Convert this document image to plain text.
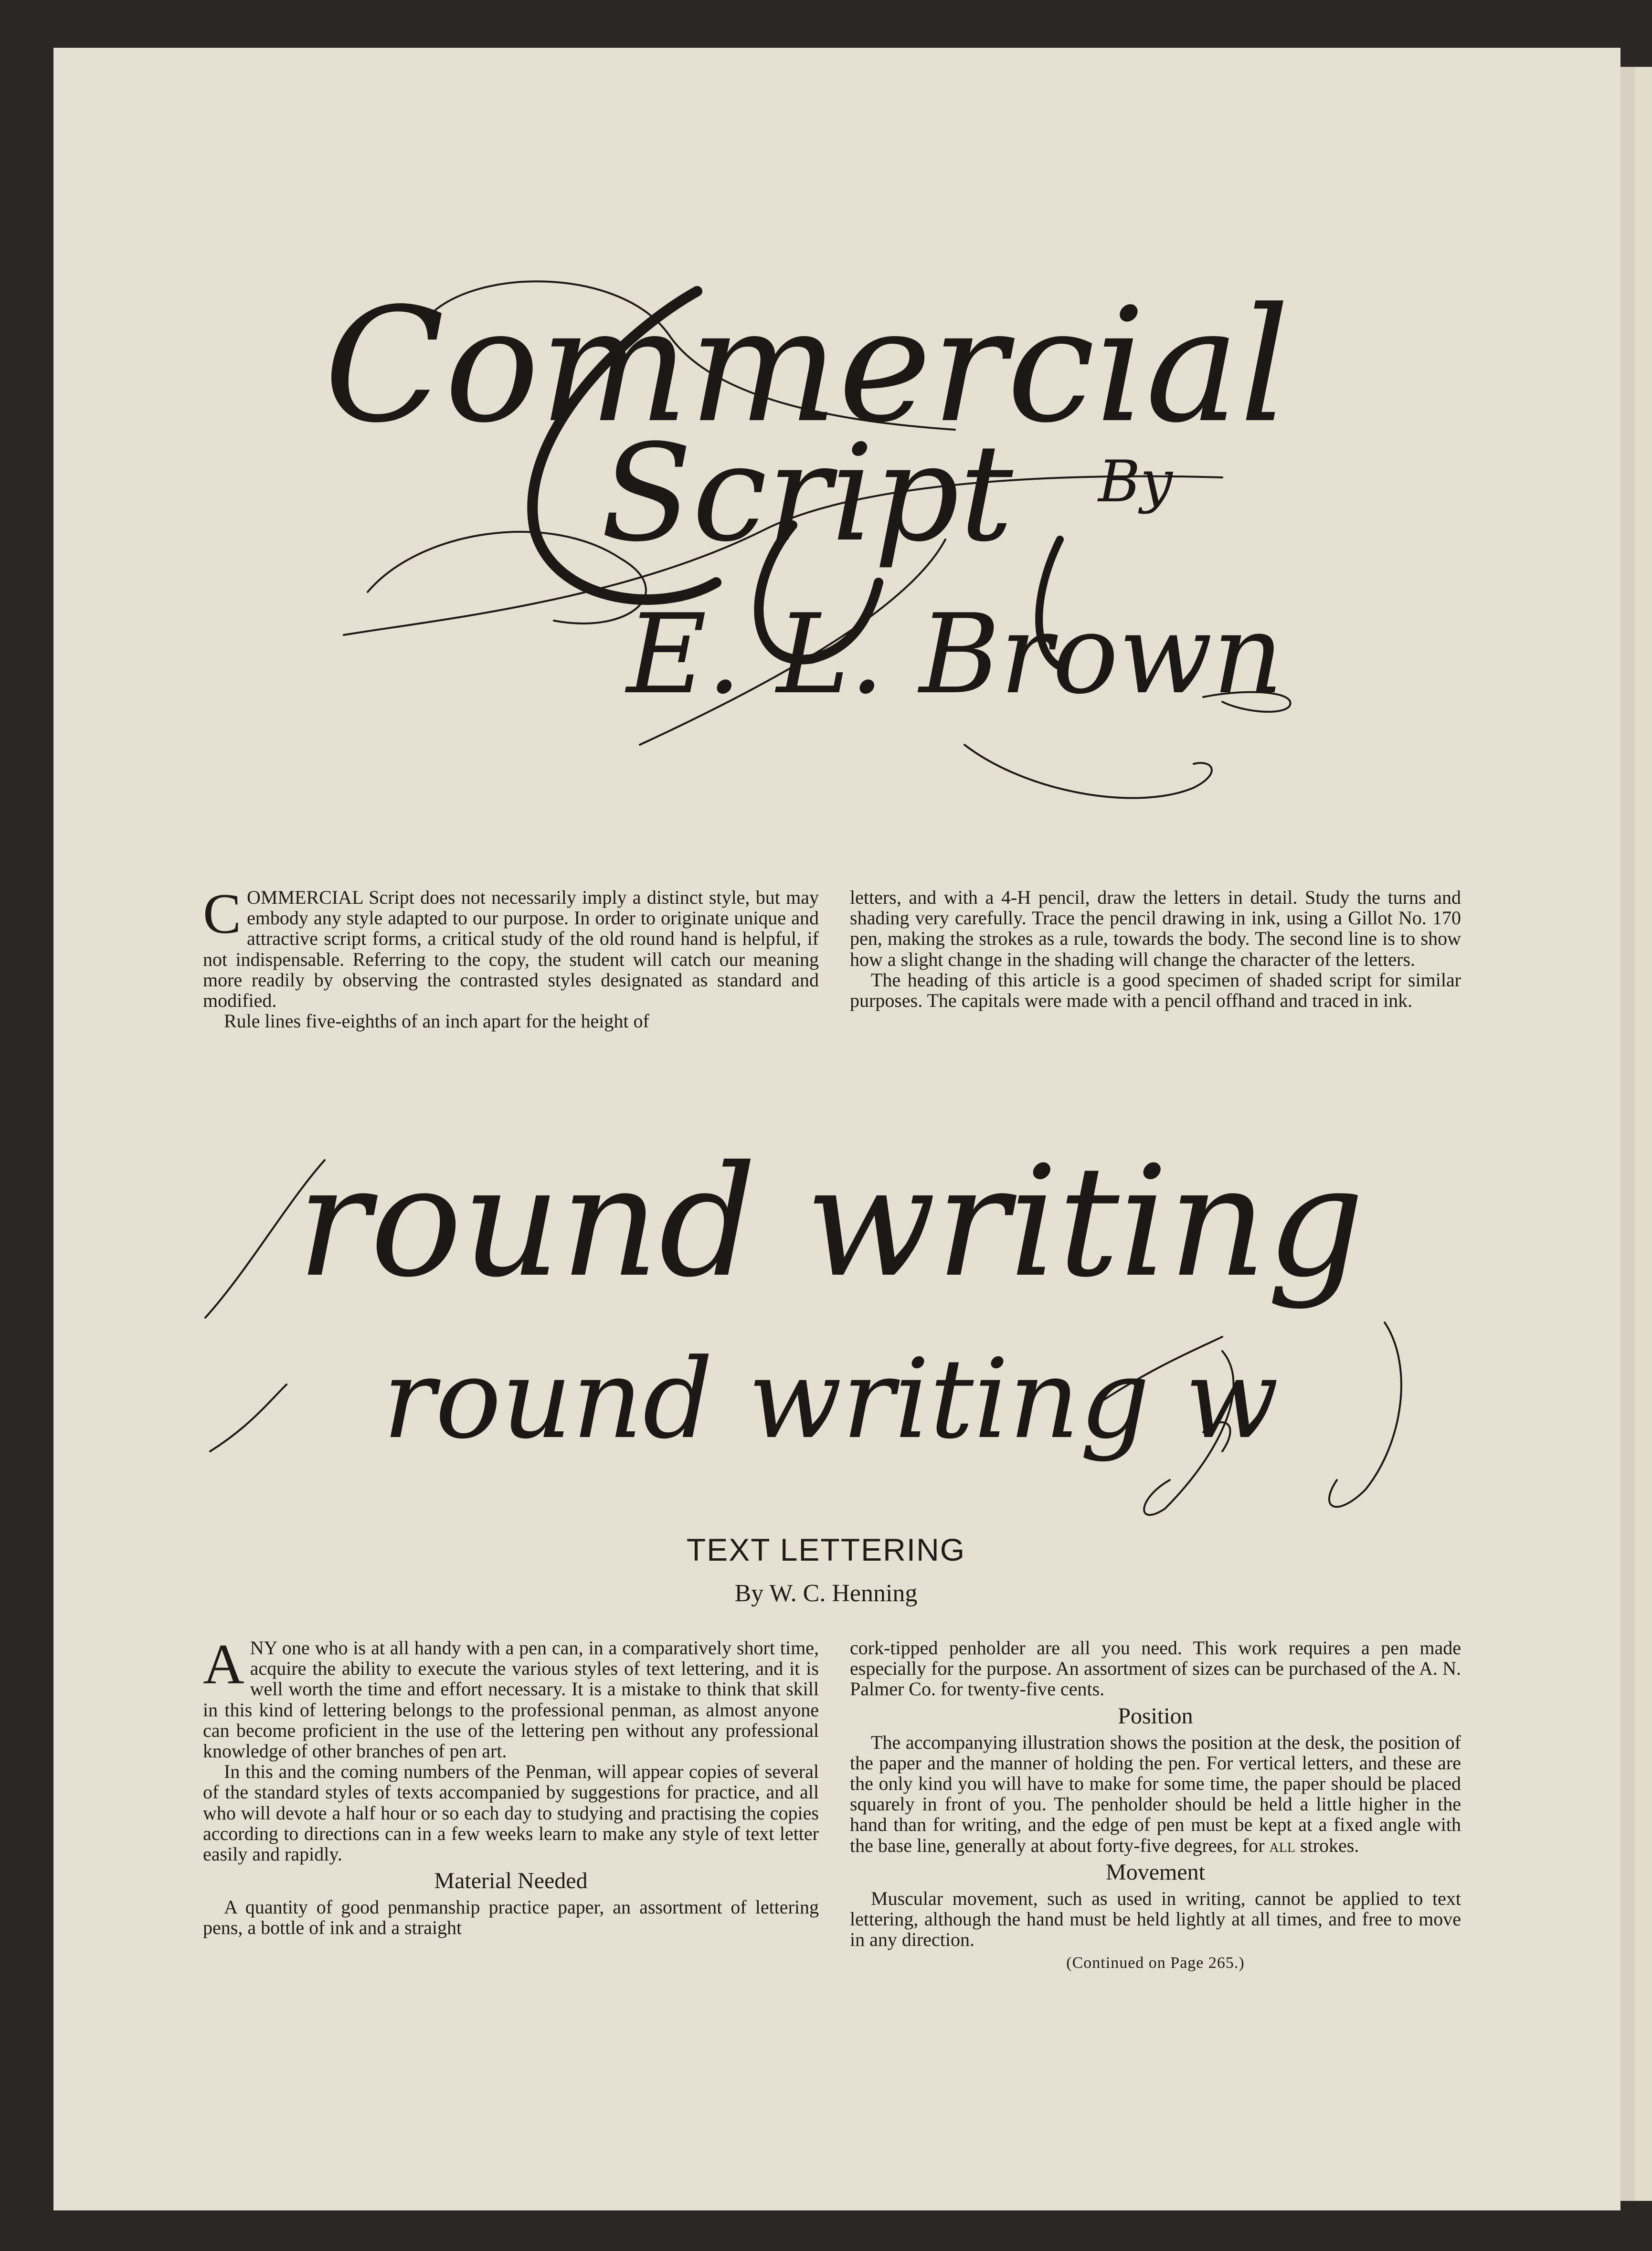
Commercial
Script By
E. L. Brown

COMMERCIAL Script does not necessarily imply a distinct style, but may embody any style adapted to our purpose. In order to originate unique and attractive script forms, a critical study of the old round hand is helpful, if not indispensable. Referring to the copy, the student will catch our meaning more readily by observing the contrasted styles designated as standard and modified.

Rule lines five-eighths of an inch apart for the height of

letters, and with a 4-H pencil, draw the letters in detail. Study the turns and shading very carefully. Trace the pencil drawing in ink, using a Gillot No. 170 pen, making the strokes as a rule, towards the body. The second line is to show how a slight change in the shading will change the character of the letters.

The heading of this article is a good specimen of shaded script for similar purposes. The capitals were made with a pencil offhand and traced in ink.

round writing
round writing w
TEXT LETTERING
By W. C. Henning

ANY one who is at all handy with a pen can, in a comparatively short time, acquire the ability to execute the various styles of text lettering, and it is well worth the time and effort necessary. It is a mistake to think that skill in this kind of lettering belongs to the professional penman, as almost anyone can become proficient in the use of the lettering pen without any professional knowledge of other branches of pen art.

In this and the coming numbers of the Penman, will appear copies of several of the standard styles of texts accompanied by suggestions for practice, and all who will devote a half hour or so each day to studying and practising the copies according to directions can in a few weeks learn to make any style of text letter easily and rapidly.

Material Needed

A quantity of good penmanship practice paper, an assortment of lettering pens, a bottle of ink and a straight

cork-tipped penholder are all you need. This work requires a pen made especially for the purpose. An assortment of sizes can be purchased of the A. N. Palmer Co. for twenty-five cents.

Position

The accompanying illustration shows the position at the desk, the position of the paper and the manner of holding the pen. For vertical letters, and these are the only kind you will have to make for some time, the paper should be placed squarely in front of you. The penholder should be held a little higher in the hand than for writing, and the edge of pen must be kept at a fixed angle with the base line, generally at about forty-five degrees, for all strokes.

Movement

Muscular movement, such as used in writing, cannot be applied to text lettering, although the hand must be held lightly at all times, and free to move in any direction.

(Continued on Page 265.)
